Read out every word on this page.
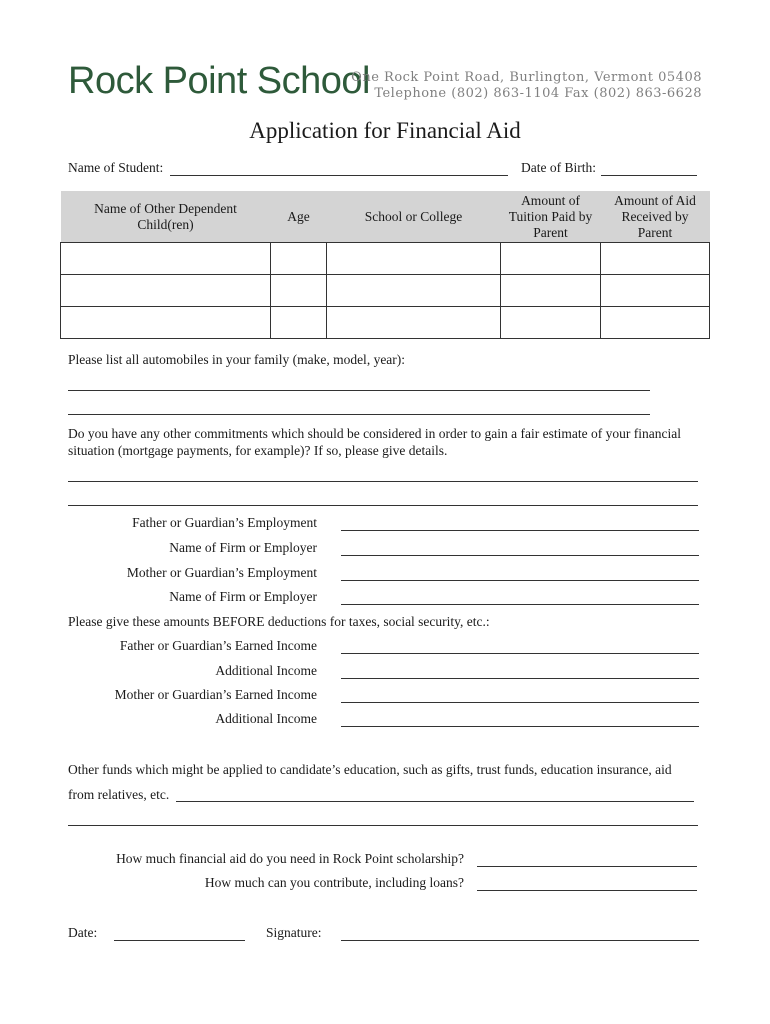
Rock Point School
One Rock Point Road, Burlington, Vermont 05408
Telephone (802) 863-1104 Fax (802) 863-6628
Application for Financial Aid
Name of Student:	Date of Birth:
Name of Other Dependent Child(ren)	Age	School or College	Amount of Tuition Paid by Parent	Amount of Aid Received by Parent

Please list all automobiles in your family (make, model, year):
Do you have any other commitments which should be considered in order to gain a fair estimate of your financial situation (mortgage payments, for example)? If so, please give details.
Father or Guardian’s Employment
Name of Firm or Employer
Mother or Guardian’s Employment
Name of Firm or Employer
Please give these amounts BEFORE deductions for taxes, social security, etc.:
Father or Guardian’s Earned Income
Additional Income
Mother or Guardian’s Earned Income
Additional Income
Other funds which might be applied to candidate’s education, such as gifts, trust funds, education insurance, aid
from relatives, etc.
How much financial aid do you need in Rock Point scholarship?
How much can you contribute, including loans?
Date:	Signature:
